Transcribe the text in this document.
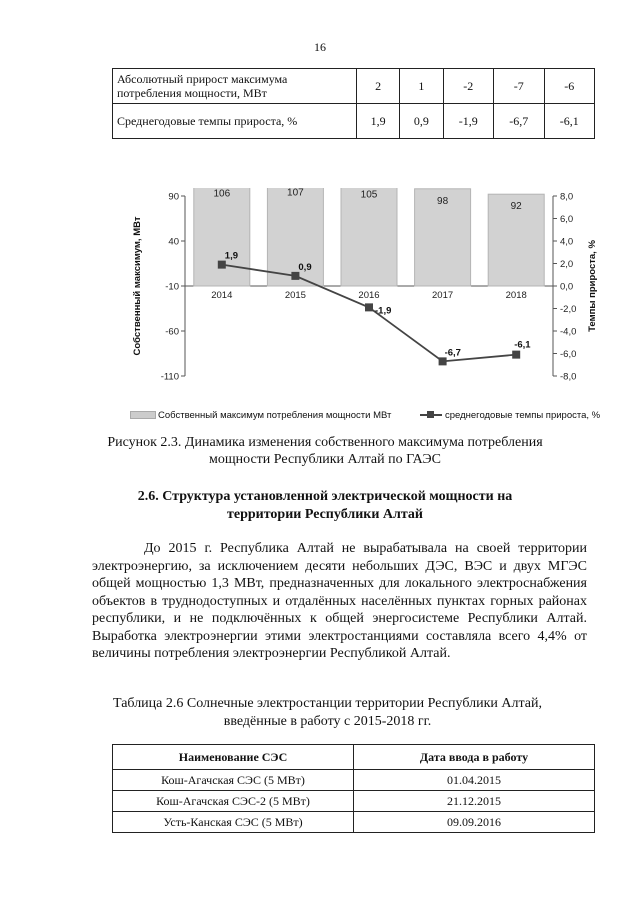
16
Абсолютный прирост максимума потребления мощности, МВт	2	1	-2	-7	-6
Среднегодовые темпы прироста, %	1,9	0,9	-1,9	-6,7	-6,1
90
40
-10
-60
-110
8,0
6,0
4,0
2,0
0,0
-2,0
-4,0
-6,0
-8,0
106	107	105
98	92
2014	2015	2016	2017	2018
1,9
0,9
-1,9
-6,7
-6,1
Собственный максимум, МВт	Темпы прироста, %
Собственный максимум потребления мощности МВт	среднегодовые темпы прироста, %
Рисунок 2.3. Динамика изменения собственного максимума потребления мощности Республики Алтай по ГАЭС
2.6. Структура установленной электрической мощности на территории Республики Алтай

До 2015 г. Республика Алтай не вырабатывала на своей территории электроэнергию, за исключением десяти небольших ДЭС, ВЭС и двух МГЭС общей мощностью 1,3 МВт, предназначенных для локального электроснабжения объектов в труднодоступных и отдалённых населённых пунктах горных районах республики, и не подключённых к общей энергосистеме Республики Алтай. Выработка электроэнергии этими электростанциями составляла всего 4,4% от величины потребления электроэнергии Республикой Алтай.

Таблица 2.6 Солнечные электростанции территории Республики Алтай, введённые в работу с 2015-2018 гг.
Наименование СЭС	Дата ввода в работу
Кош-Агачская СЭС (5 МВт)	01.04.2015
Кош-Агачская СЭС-2 (5 МВт)	21.12.2015
Усть-Канская СЭС (5 МВт)	09.09.2016
